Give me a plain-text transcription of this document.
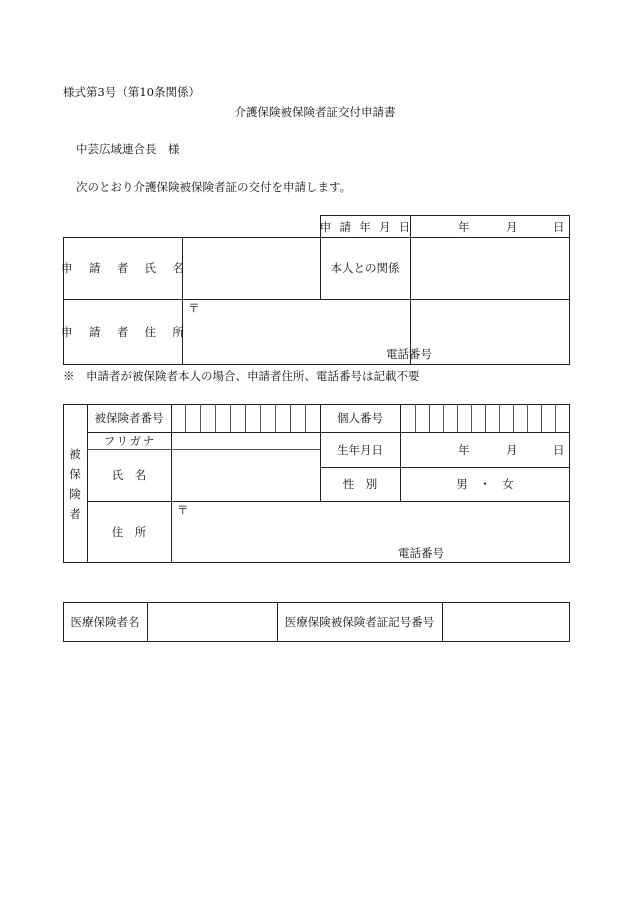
様式第3号（第10条関係）
介護保険被保険者証交付申請書
中芸広域連合長　様
次のとおり介護保険被保険者証の交付を申請します。
申 請 年 月 日	年	月	日
申 請 者 氏 名	本人との関係
申 請 者 住 所
〒
電話番号
※　申請者が被保険者本人の場合、申請者住所、電話番号は記載不要
被
保
険
者
被保険者番号	個人番号
フリガナ
氏　名
生年月日	年	月	日
性　別	男　・　女
住　所
〒
電話番号
医療保険者名	医療保険被保険者証記号番号
